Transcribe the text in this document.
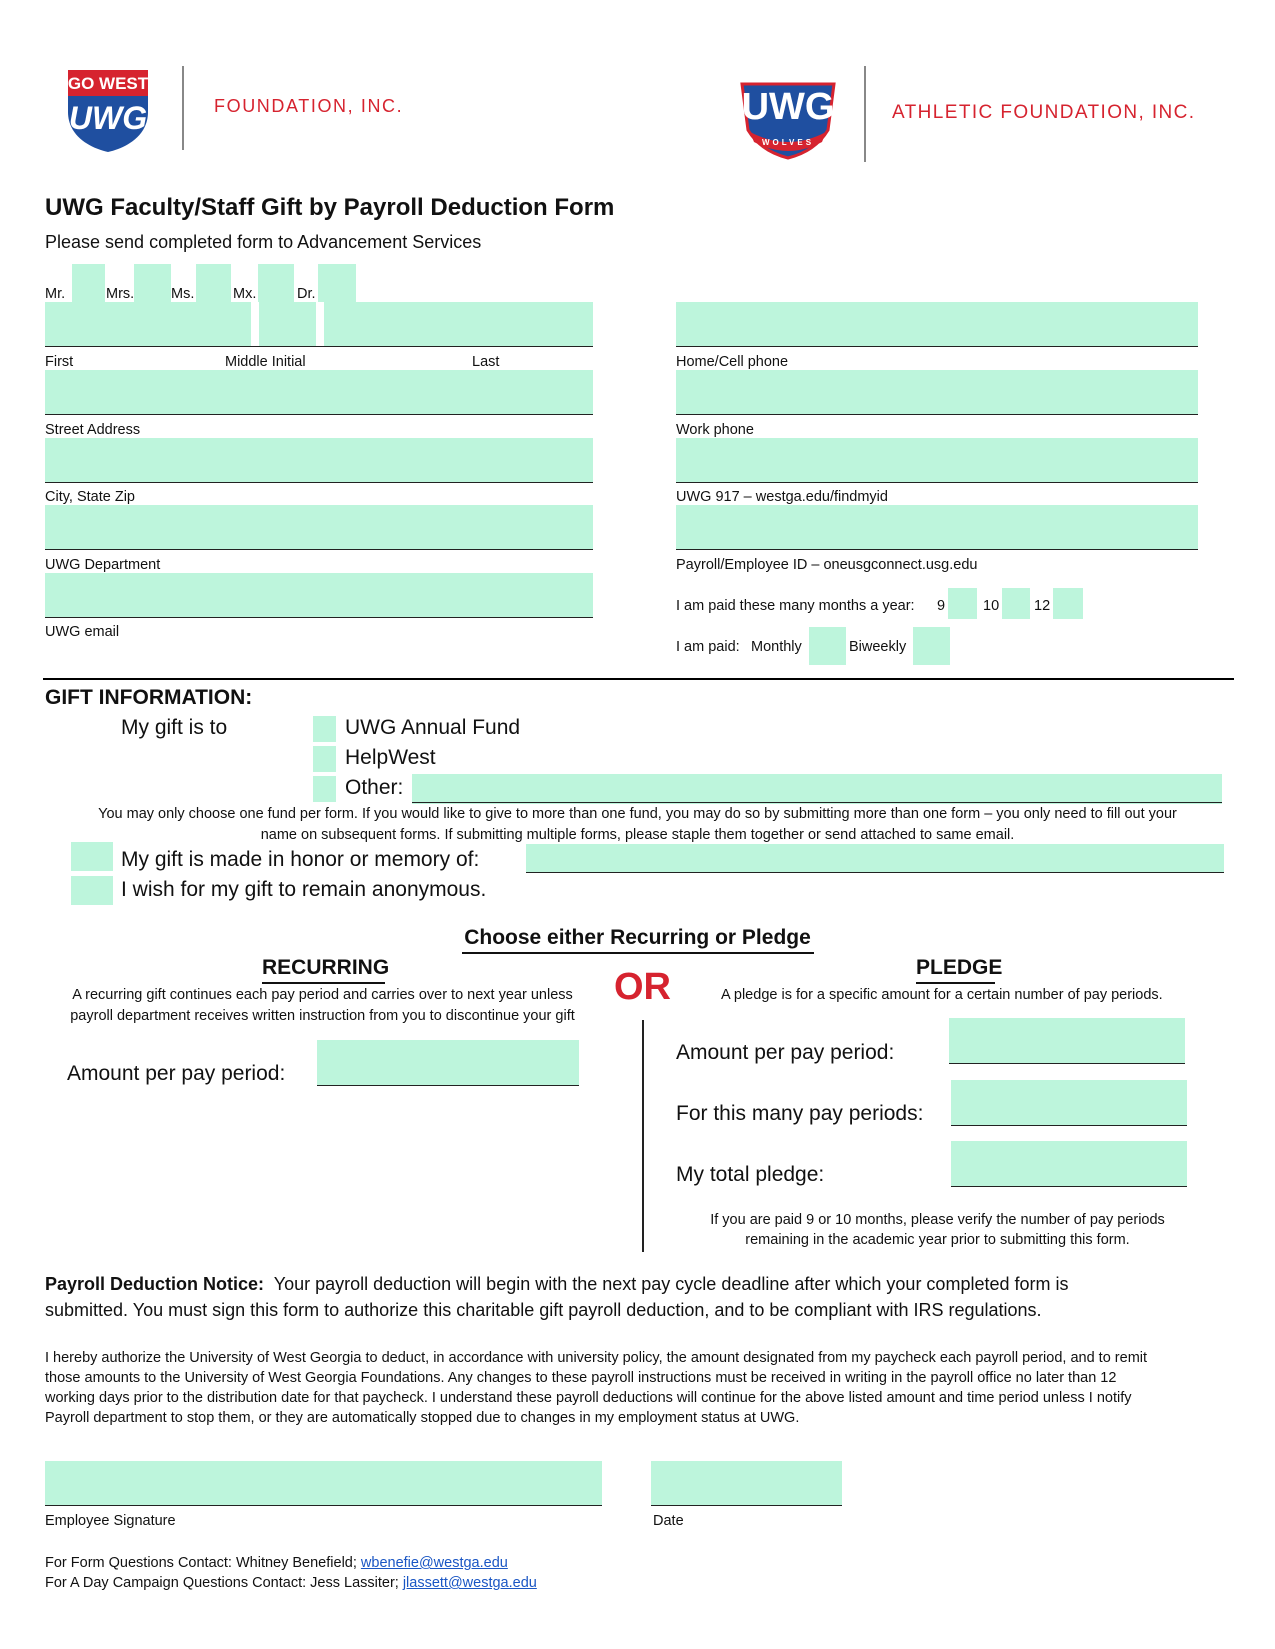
GO WEST
UWG	FOUNDATION, INC.	UWG
WOLVES
ATHLETIC FOUNDATION, INC.
UWG Faculty/Staff Gift by Payroll Deduction Form
Please send completed form to Advancement Services
Mr.	Mrs.	Ms.	Mx.	Dr.
First	Middle Initial	Last
Street Address
City, State Zip
UWG Department
UWG email
Home/Cell phone
Work phone
UWG 917 – westga.edu/findmyid
Payroll/Employee ID – oneusgconnect.usg.edu
I am paid these many months a year: 9	10 12
I am paid: Monthly	Biweekly
GIFT INFORMATION:
My gift is to	UWG Annual Fund
HelpWest
Other:
You may only choose one fund per form. If you would like to give to more than one fund, you may do so by submitting more than one form – you only need to fill out your
name on subsequent forms. If submitting multiple forms, please staple them together or send attached to same email.
My gift is made in honor or memory of:
I wish for my gift to remain anonymous.
Choose either Recurring or Pledge
RECURRING
A recurring gift continues each pay period and carries over to next year unless
payroll department receives written instruction from you to discontinue your gift
OR
Amount per pay period:
PLEDGE
A pledge is for a specific amount for a certain number of pay periods.
Amount per pay period:
For this many pay periods:
My total pledge:
If you are paid 9 or 10 months, please verify the number of pay periods
remaining in the academic year prior to submitting this form.
Payroll Deduction Notice:  Your payroll deduction will begin with the next pay cycle deadline after which your completed form is
submitted. You must sign this form to authorize this charitable gift payroll deduction, and to be compliant with IRS regulations.
I hereby authorize the University of West Georgia to deduct, in accordance with university policy, the amount designated from my paycheck each payroll period, and to remit
those amounts to the University of West Georgia Foundations. Any changes to these payroll instructions must be received in writing in the payroll office no later than 12
working days prior to the distribution date for that paycheck. I understand these payroll deductions will continue for the above listed amount and time period unless I notify
Payroll department to stop them, or they are automatically stopped due to changes in my employment status at UWG.
Employee Signature	Date
For Form Questions Contact: Whitney Benefield; wbenefie@westga.edu
For A Day Campaign Questions Contact: Jess Lassiter; jlassett@westga.edu
